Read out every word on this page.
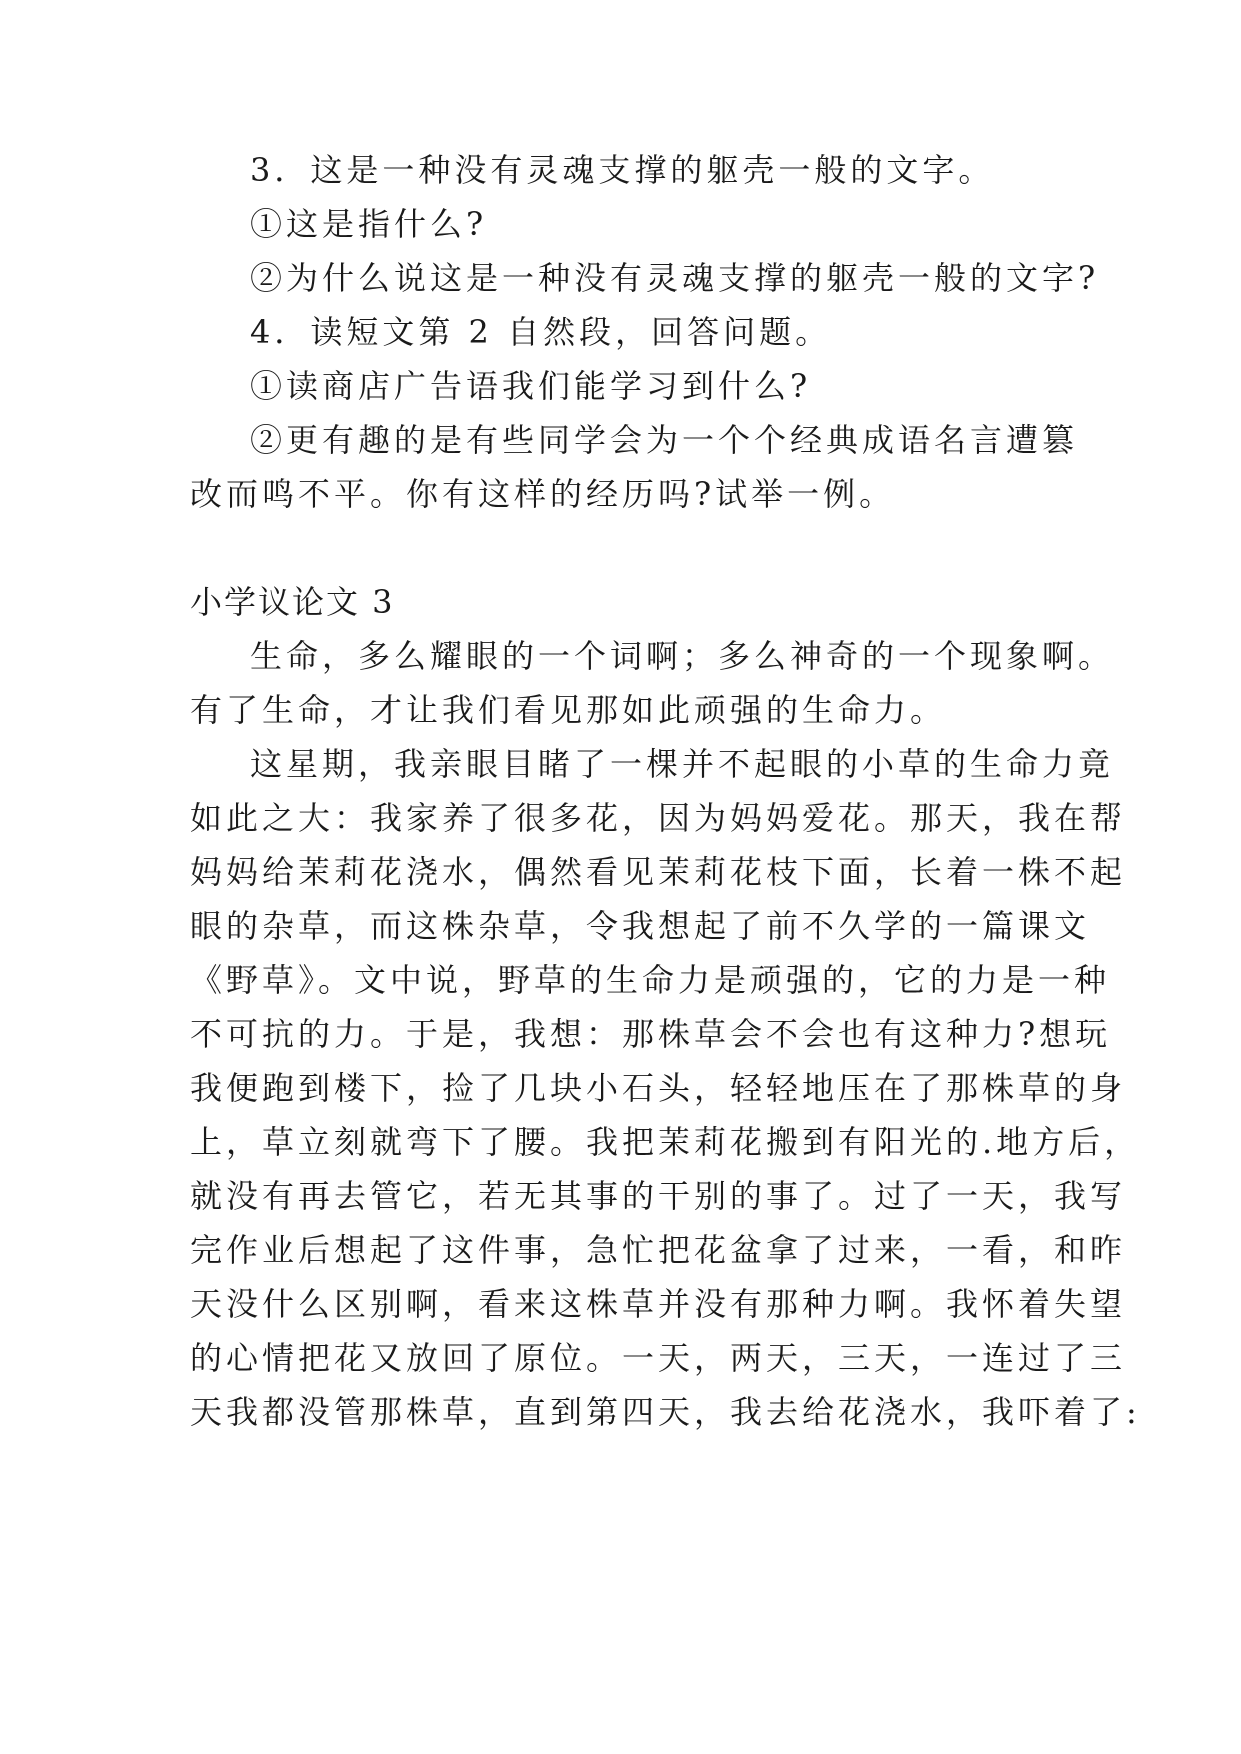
3．这是一种没有灵魂支撑的躯壳一般的文字。
①这是指什么?
②为什么说这是一种没有灵魂支撑的躯壳一般的文字?
4．读短文第 2 自然段，回答问题。
①读商店广告语我们能学习到什么?
②更有趣的是有些同学会为一个个经典成语名言遭篡
改而鸣不平。你有这样的经历吗?试举一例。
小学议论文 3
生命，多么耀眼的一个词啊；多么神奇的一个现象啊。
有了生命，才让我们看见那如此顽强的生命力。
这星期，我亲眼目睹了一棵并不起眼的小草的生命力竟
如此之大：我家养了很多花，因为妈妈爱花。那天，我在帮
妈妈给茉莉花浇水，偶然看见茉莉花枝下面，长着一株不起
眼的杂草，而这株杂草，令我想起了前不久学的一篇课文
《野草》。文中说，野草的生命力是顽强的，它的力是一种
不可抗的力。于是，我想：那株草会不会也有这种力?想玩
我便跑到楼下，捡了几块小石头，轻轻地压在了那株草的身
上，草立刻就弯下了腰。我把茉莉花搬到有阳光的.地方后，
就没有再去管它，若无其事的干别的事了。过了一天，我写
完作业后想起了这件事，急忙把花盆拿了过来，一看，和昨
天没什么区别啊，看来这株草并没有那种力啊。我怀着失望
的心情把花又放回了原位。一天，两天，三天，一连过了三
天我都没管那株草，直到第四天，我去给花浇水，我吓着了:
